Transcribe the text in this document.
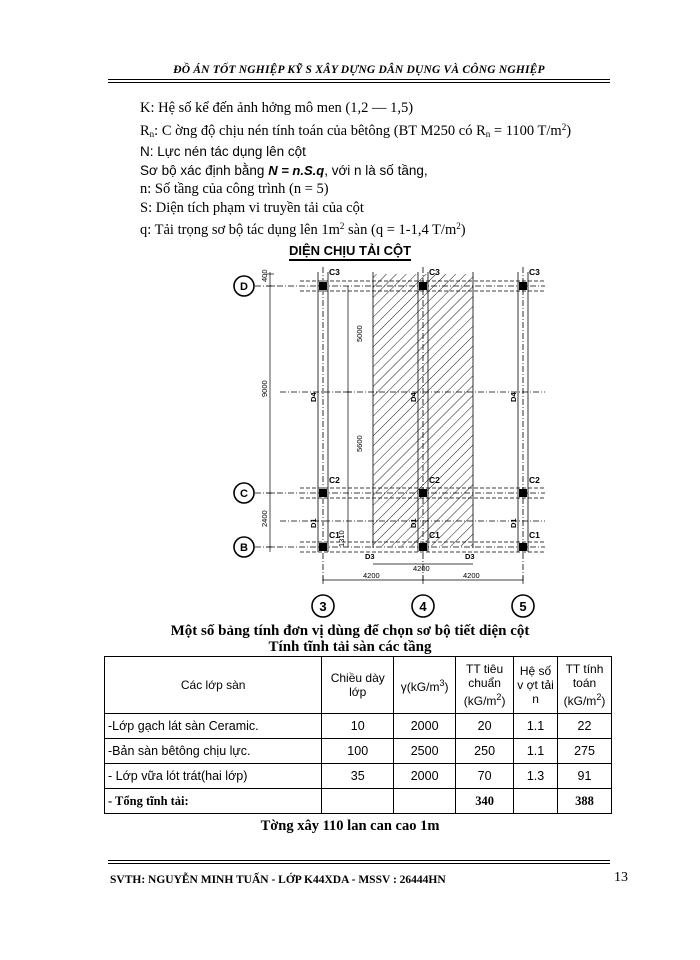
ĐỒ ÁN TỐT NGHIỆP KỸ S XÂY DỰNG DÂN DỤNG VÀ CÔNG NGHIỆP
K: Hệ số kể đến ảnh hởng mô men (1,2 — 1,5)
$R_n$: C ờng độ chịu nén tính toán của bêtông (BT M250 có $R_n = 1100$ $T/m^2$)
N: Lực nén tác dụng lên cột
Sơ bộ xác định bằng N = n.S.q, với n là số tầng,
n: Số tầng của công trình (n = 5)
S: Diện tích phạm vi truyền tải của cột
q: Tải trọng sơ bộ tác dụng lên $1m^2$ sàn (q = 1-1,4 $T/m^2$)
DIỆN CHỊU TẢI CỘT
C3	C3	C3
C2	C2	C2
C1	C1	C1
D4	D4	D4
D1	D1	D1
D3	D3
400
9000
2400
1310
5000
5600
4200
4200	4200
D
C
B
3	4	5
Một số bảng tính đơn vị dùng để chọn sơ bộ tiết diện cột
Tính tĩnh tải sàn các tầng
Các lớp sàn	Chiều dày lớp	$\gamma(kG/m^3)$	TT tiêu chuẩn $(kG/m^2)$	Hệ số v ợt tải n	TT tính toán $(kG/m^2)$
-Lớp gạch lát sàn Ceramic.	10	2000	20	1.1	22
-Bản sàn bêtông chịu lực.	100	2500	250	1.1	275
- Lớp vữa lót trát(hai lớp)	35	2000	70	1.3	91
- Tổng tĩnh tải:			340		388
Tờng xây 110 lan can cao 1m
SVTH: NGUYỄN MINH TUẤN - LỚP K44XDA - MSSV : 26444HN	13
